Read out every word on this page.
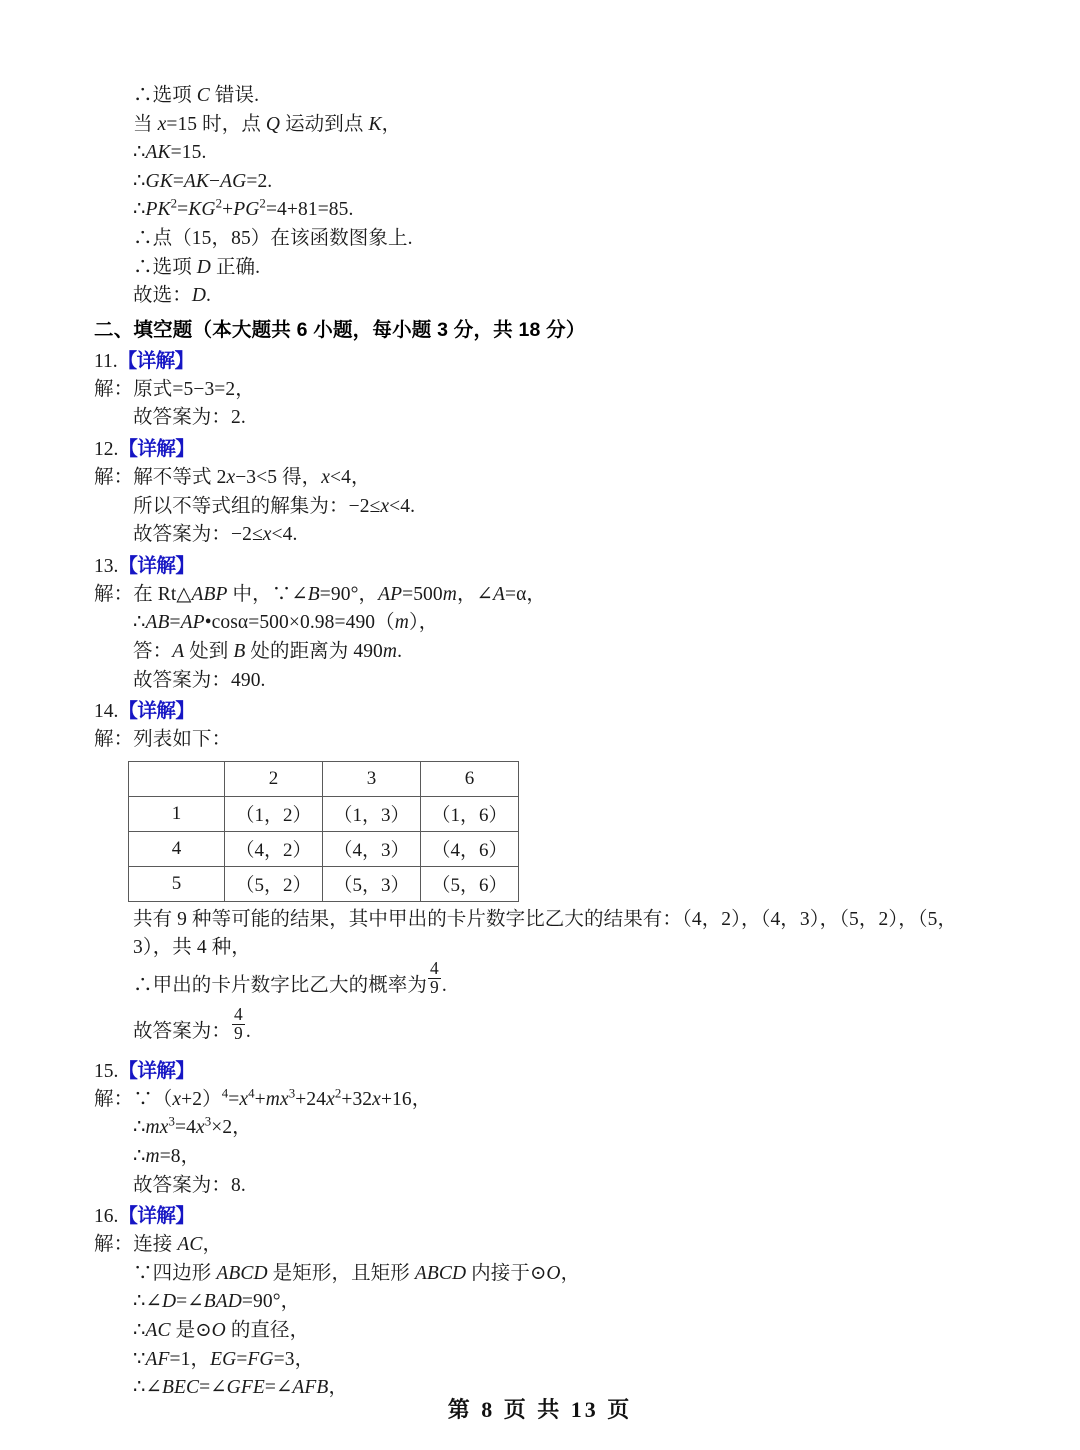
∴选项 C 错误.
当 x=15 时，点 Q 运动到点 K，
∴AK=15.
∴GK=AK−AG=2.
$\therefore PK^2=KG^2+PG^2=4+81=85$.
∴点（15，85）在该函数图象上.
∴选项 D 正确.
故选：D.
二、填空题（本大题共 6 小题，每小题 3 分，共 18 分）
11.【详解】
解：原式=5−3=2，
故答案为：2.
12.【详解】
解：解不等式 2x−3<5 得，x<4，
所以不等式组的解集为：−2≤x<4.
故答案为：−2≤x<4.
13.【详解】
解：在 Rt△ABP 中，∵∠B=90°，AP=500m，∠A=α，
∴AB=AP•cosα=500×0.98=490（m），
答：A 处到 B 处的距离为 490m.
故答案为：490.
14.【详解】
解：列表如下：
	2	3	6
1	（1，2）	（1，3）	（1，6）
4	（4，2）	（4，3）	（4，6）
5	（5，2）	（5，3）	（5，6）
共有 9 种等可能的结果，其中甲出的卡片数字比乙大的结果有：（4，2），（4，3），（5，2），（5，3），共 4 种，
∴甲出的卡片数字比乙大的概率为 $\frac{4}{9}$ .
故答案为： $\frac{4}{9}$ .
15.【详解】
解：$\because(x+2)^4=x^4+mx^3+24x^2+32x+16$，
$\therefore mx^3=4x^3\times 2$，
∴m=8，
故答案为：8.
16.【详解】
解：连接 AC，
∵四边形 ABCD 是矩形，且矩形 ABCD 内接于⊙O，
∴∠D=∠BAD=90°，
∴AC 是⊙O 的直径，
∵AF=1，EG=FG=3，
∴∠BEC=∠GFE=∠AFB，
第 8 页 共 13 页
